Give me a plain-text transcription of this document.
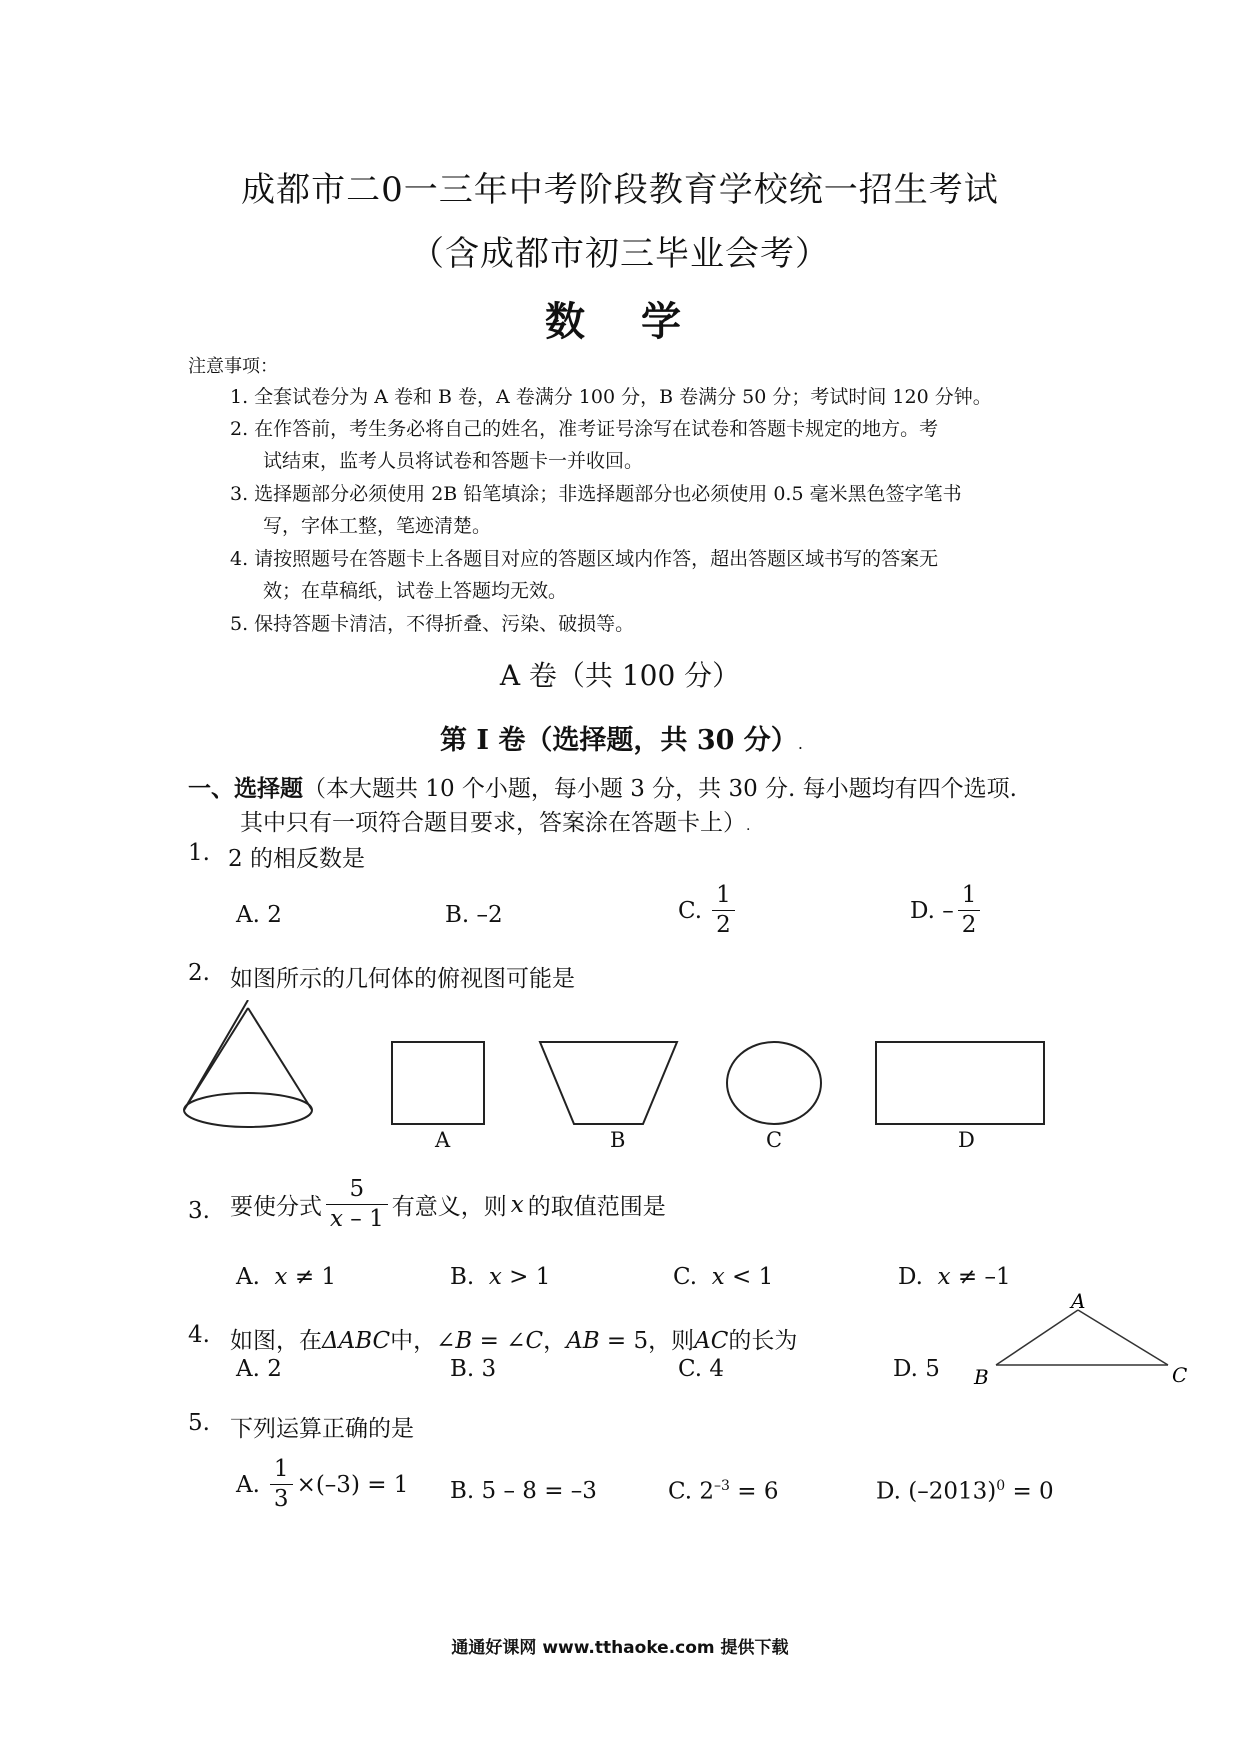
成都市二0一三年中考阶段教育学校统一招生考试
（含成都市初三毕业会考）
数学
注意事项：
1. 全套试卷分为 A 卷和 B 卷，A 卷满分 100 分，B 卷满分 50 分；考试时间 120 分钟。
2. 在作答前，考生务必将自己的姓名，准考证号涂写在试卷和答题卡规定的地方。考
试结束，监考人员将试卷和答题卡一并收回。
3. 选择题部分必须使用 2B 铅笔填涂；非选择题部分也必须使用 0.5 毫米黑色签字笔书
写，字体工整，笔迹清楚。
4. 请按照题号在答题卡上各题目对应的答题区域内作答，超出答题区域书写的答案无
效；在草稿纸，试卷上答题均无效。
5. 保持答题卡清洁，不得折叠、污染、破损等。
A 卷（共 100 分）
第 I 卷（选择题，共 30 分）.
一、选择题（本大题共 10 个小题，每小题 3 分，共 30 分. 每小题均有四个选项.
其中只有一项符合题目要求，答案涂在答题卡上）.
1. 2 的相反数是
A. 2	B. –2	C. $\frac{1}{2}$	D. – $\frac{1}{2}$
2. 如图所示的几何体的俯视图可能是
A	B	C	D
3. 要使分式 $\frac{5}{x - 1}$ 有意义，则 x 的取值范围是
A. x ≠ 1	B. x > 1	C. x < 1	D. x ≠ –1
4. 如图，在ΔABC中，∠B = ∠C，AB = 5，则AC的长为
A. 2	B. 3	C. 4	D. 5
A
B	C
5. 下列运算正确的是
A. $\frac{1}{3} \times(-3) = 1$ B. 5 – 8 = –3	C. $2^{-3} = 6$	D. $(-2013)^0 = 0$
通通好课网 www.tthaoke.com 提供下载
